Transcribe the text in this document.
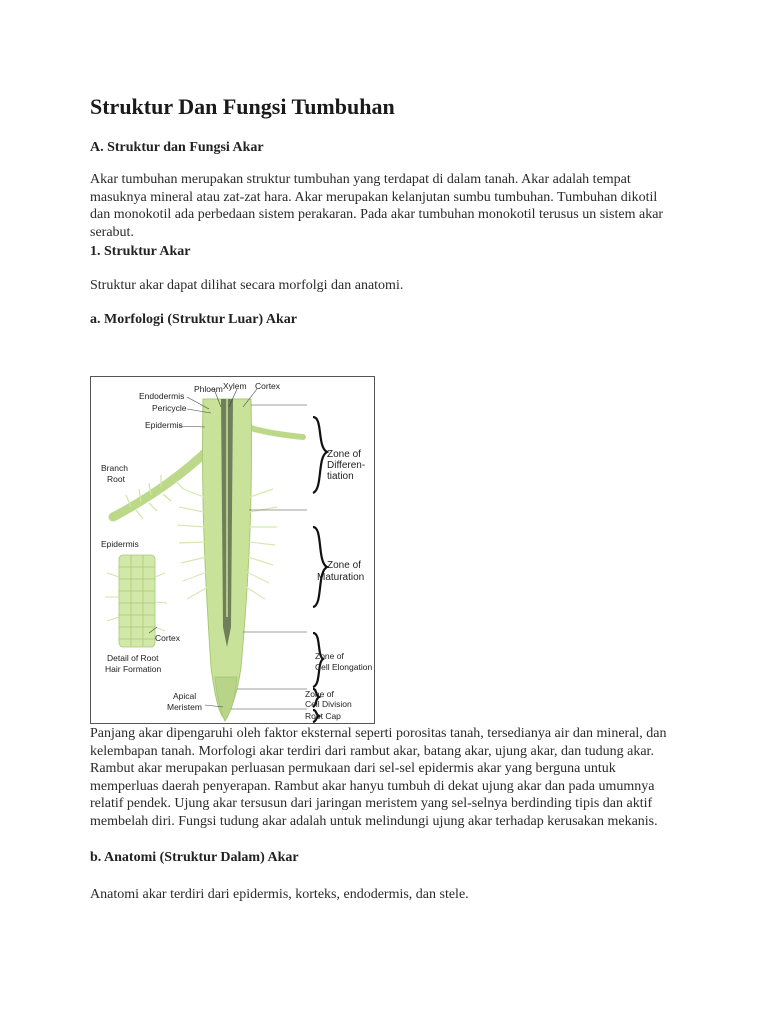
Struktur Dan Fungsi Tumbuhan
A. Struktur dan Fungsi Akar

Akar tumbuhan merupakan struktur tumbuhan yang terdapat di dalam tanah. Akar adalah tempat masuknya mineral atau zat-zat hara. Akar merupakan kelanjutan sumbu tumbuhan. Tumbuhan dikotil dan monokotil ada perbedaan sistem perakaran. Pada akar tumbuhan monokotil terusus un sistem akar serabut.

1. Struktur Akar

Struktur akar dapat dilihat secara morfolgi dan anatomi.

a. Morfologi (Struktur Luar) Akar
Phloem Xylem Cortex
Endodermis
Pericycle
Epidermis
Branch
Root
Epidermis
Cortex
Detail of Root
Hair Formation
Apical
Meristem
Zone of
Differen-
tiation
Zone of
Maturation
Zone of
Cell Elongation
Zone of
Cell Division
Root Cap

Panjang akar dipengaruhi oleh faktor eksternal seperti porositas tanah, tersedianya air dan mineral, dan kelembapan tanah. Morfologi akar terdiri dari rambut akar, batang akar, ujung akar, dan tudung akar. Rambut akar merupakan perluasan permukaan dari sel-sel epidermis akar yang berguna untuk memperluas daerah penyerapan. Rambut akar hanyu tumbuh di dekat ujung akar dan pada umumnya relatif pendek. Ujung akar tersusun dari jaringan meristem yang sel-selnya berdinding tipis dan aktif membelah diri. Fungsi tudung akar adalah untuk melindungi ujung akar terhadap kerusakan mekanis.

b. Anatomi (Struktur Dalam) Akar

Anatomi akar terdiri dari epidermis, korteks, endodermis, dan stele.
